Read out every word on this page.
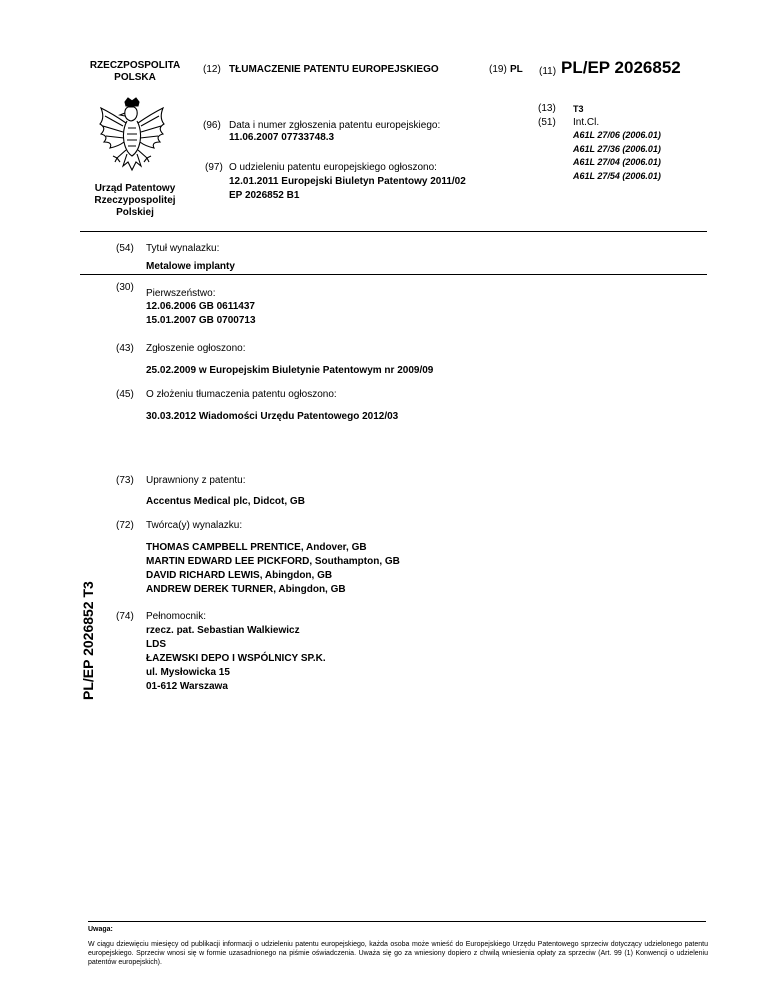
RZECZPOSPOLITA
POLSKA
Urząd Patentowy
Rzeczypospolitej
Polskiej
(12) TŁUMACZENIE PATENTU EUROPEJSKIEGO	(19) PL (11) PL/EP 2026852
(13) T3
(51) Int.Cl.
A61L 27/06 (2006.01)
A61L 27/36 (2006.01)
A61L 27/04 (2006.01)
A61L 27/54 (2006.01)
(96) Data i numer zgłoszenia patentu europejskiego:
11.06.2007 07733748.3
(97) O udzieleniu patentu europejskiego ogłoszono:
12.01.2011 Europejski Biuletyn Patentowy 2011/02
EP 2026852 B1
(54) Tytuł wynalazku:
Metalowe implanty
(30)
Pierwszeństwo:
12.06.2006 GB 0611437
15.01.2007 GB 0700713
(43) Zgłoszenie ogłoszono:
25.02.2009 w Europejskim Biuletynie Patentowym nr 2009/09
(45) O złożeniu tłumaczenia patentu ogłoszono:
30.03.2012 Wiadomości Urzędu Patentowego 2012/03
(73) Uprawniony z patentu:
Accentus Medical plc, Didcot, GB
(72) Twórca(y) wynalazku:
THOMAS CAMPBELL PRENTICE, Andover, GB
MARTIN EDWARD LEE PICKFORD, Southampton, GB
DAVID RICHARD LEWIS, Abingdon, GB
ANDREW DEREK TURNER, Abingdon, GB
(74) Pełnomocnik:
rzecz. pat. Sebastian Walkiewicz
LDS
ŁAZEWSKI DEPO I WSPÓLNICY SP.K.
ul. Mysłowicka 15
01-612 Warszawa
PL/EP 2026852 T3
Uwaga:
W ciągu dziewięciu miesięcy od publikacji informacji o udzieleniu patentu europejskiego, każda osoba może wnieść do Europejskiego Urzędu Patentowego sprzeciw dotyczący udzielonego patentu europejskiego. Sprzeciw wnosi się w formie uzasadnionego na piśmie oświadczenia. Uważa się go za wniesiony dopiero z chwilą wniesienia opłaty za sprzeciw (Art. 99 (1) Konwencji o udzieleniu patentów europejskich).
